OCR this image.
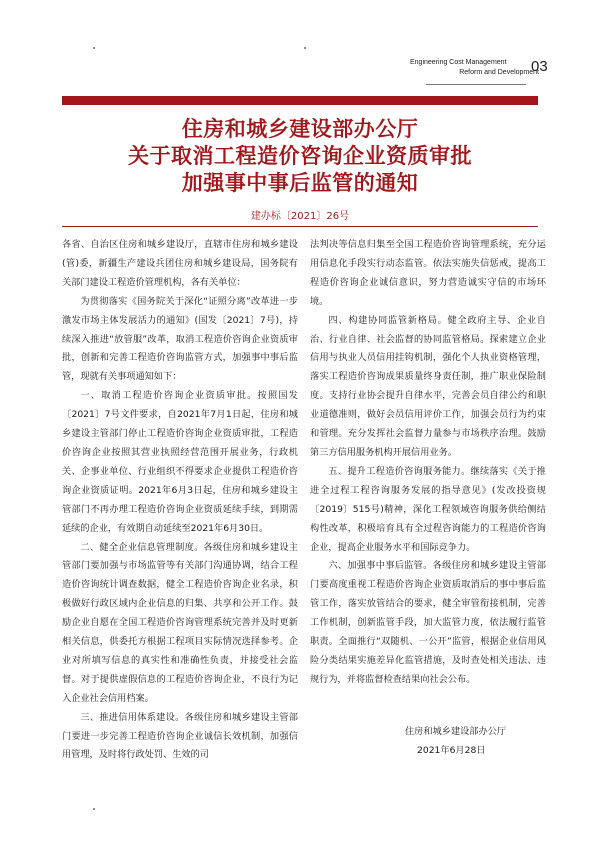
Engineering Cost Management
Reform and Development
03
住房和城乡建设部办公厅
关于取消工程造价咨询企业资质审批
加强事中事后监管的通知
建办标〔2021〕26号

各省、自治区住房和城乡建设厅，直辖市住房和城乡建设(管)委，新疆生产建设兵团住房和城乡建设局，国务院有关部门建设工程造价管理机构，各有关单位：

为贯彻落实《国务院关于深化“证照分离”改革进一步激发市场主体发展活力的通知》(国发〔2021〕7号)，持续深入推进“放管服”改革，取消工程造价咨询企业资质审批，创新和完善工程造价咨询监管方式，加强事中事后监管，现就有关事项通知如下：

一、取消工程造价咨询企业资质审批。按照国发〔2021〕7号文件要求，自2021年7月1日起，住房和城乡建设主管部门停止工程造价咨询企业资质审批，工程造价咨询企业按照其营业执照经营范围开展业务，行政机关、企事业单位、行业组织不得要求企业提供工程造价咨询企业资质证明。2021年6月3日起，住房和城乡建设主管部门不再办理工程造价咨询企业资质延续手续，到期需延续的企业，有效期自动延续至2021年6月30日。

二、健全企业信息管理制度。各级住房和城乡建设主管部门要加强与市场监管等有关部门沟通协调，结合工程造价咨询统计调查数据，健全工程造价咨询企业名录，积极做好行政区域内企业信息的归集、共享和公开工作。鼓励企业自愿在全国工程造价咨询管理系统完善并及时更新相关信息，供委托方根据工程项目实际情况选择参考。企业对所填写信息的真实性和准确性负责，并接受社会监督。对于提供虚假信息的工程造价咨询企业，不良行为记入企业社会信用档案。

三、推进信用体系建设。各级住房和城乡建设主管部门要进一步完善工程造价咨询企业诚信长效机制，加强信用管理，及时将行政处罚、生效的司

法判决等信息归集至全国工程造价咨询管理系统，充分运用信息化手段实行动态监管。依法实施失信惩戒，提高工程造价咨询企业诚信意识，努力营造诚实守信的市场环境。

四、构建协同监管新格局。健全政府主导、企业自治、行业自律、社会监督的协同监管格局。探索建立企业信用与执业人员信用挂钩机制，强化个人执业资格管理，落实工程造价咨询成果质量终身责任制，推广职业保险制度。支持行业协会提升自律水平，完善会员自律公约和职业道德准则，做好会员信用评价工作，加强会员行为约束和管理。充分发挥社会监督力量参与市场秩序治理。鼓励第三方信用服务机构开展信用业务。

五、提升工程造价咨询服务能力。继续落实《关于推进全过程工程咨询服务发展的指导意见》(发改投资规〔2019〕515号)精神，深化工程领域咨询服务供给侧结构性改革，积极培育具有全过程咨询能力的工程造价咨询企业，提高企业服务水平和国际竞争力。

六、加强事中事后监管。各级住房和城乡建设主管部门要高度重视工程造价咨询企业资质取消后的事中事后监管工作，落实放管结合的要求，健全审管衔接机制，完善工作机制，创新监管手段，加大监管力度，依法履行监管职责。全面推行“双随机、一公开”监管，根据企业信用风险分类结果实施差异化监管措施，及时查处相关违法、违规行为，并将监督检查结果向社会公布。

住房和城乡建设部办公厅
2021年6月28日
